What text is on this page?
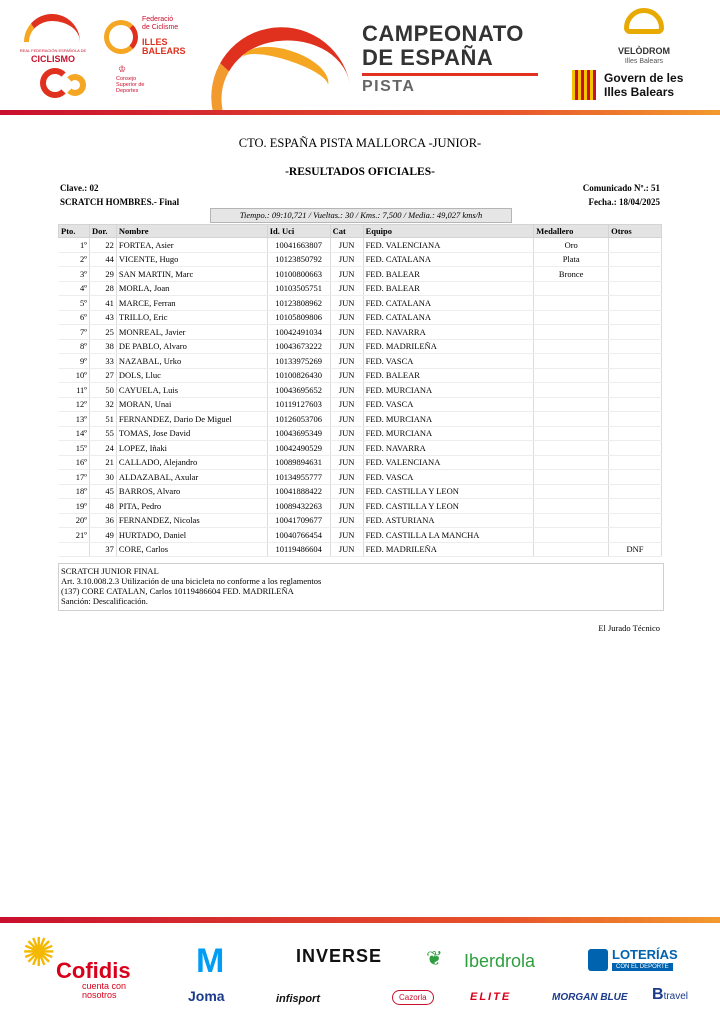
REAL FEDERACIÓN ESPAÑOLA DE
CICLISMO
Federació de Ciclisme
ILLES BALEARS
♔
Consejo Superior de Deportes
CAMPEONATO
DE ESPAÑA
PISTA
VELÒDROM
Illes Balears
Govern de les
Illes Balears
CTO. ESPAÑA PISTA MALLORCA -JUNIOR-
-RESULTADOS OFICIALES-
Clave.: 02
SCRATCH HOMBRES.- Final
Comunicado Nº.: 51
Fecha.: 18/04/2025
Tiempo.: 09:10,721 / Vueltas.: 30 / Kms.: 7,500 / Media.: 49,027 kms/h
Pto.	Dor.	Nombre	Id. Uci	Cat	Equipo	Medallero	Otros
1º	22	FORTEA, Asier	10041663807	JUN	FED. VALENCIANA	Oro	
2º	44	VICENTE, Hugo	10123850792	JUN	FED. CATALANA	Plata	
3º	29	SAN MARTIN, Marc	10100800663	JUN	FED. BALEAR	Bronce	
4º	28	MORLA, Joan	10103505751	JUN	FED. BALEAR		
5º	41	MARCE, Ferran	10123808962	JUN	FED. CATALANA		
6º	43	TRILLO, Eric	10105809806	JUN	FED. CATALANA		
7º	25	MONREAL, Javier	10042491034	JUN	FED. NAVARRA		
8º	38	DE PABLO, Alvaro	10043673222	JUN	FED. MADRILEÑA		
9º	33	NAZABAL, Urko	10133975269	JUN	FED. VASCA		
10º	27	DOLS, Lluc	10100826430	JUN	FED. BALEAR		
11º	50	CAYUELA, Luis	10043695652	JUN	FED. MURCIANA		
12º	32	MORAN, Unai	10119127603	JUN	FED. VASCA		
13º	51	FERNANDEZ, Dario De Miguel	10126053706	JUN	FED. MURCIANA		
14º	55	TOMAS, Jose David	10043695349	JUN	FED. MURCIANA		
15º	24	LOPEZ, Iñaki	10042490529	JUN	FED. NAVARRA		
16º	21	CALLADO, Alejandro	10089894631	JUN	FED. VALENCIANA		
17º	30	ALDAZABAL, Axular	10134955777	JUN	FED. VASCA		
18º	45	BARROS, Alvaro	10041888422	JUN	FED. CASTILLA Y LEON		
19º	48	PITA, Pedro	10089432263	JUN	FED. CASTILLA Y LEON		
20º	36	FERNANDEZ, Nicolas	10041709677	JUN	FED. ASTURIANA		
21º	49	HURTADO, Daniel	10040766454	JUN	FED. CASTILLA LA MANCHA		
	37	CORE, Carlos	10119486604	JUN	FED. MADRILEÑA		DNF
SCRATCH JUNIOR FINAL
Art. 3.10.008.2.3 Utilización de una bicicleta no conforme a los reglamentos
(137) CORE CATALAN, Carlos 10119486604 FED. MADRILEÑA
Sanción: Descalificación.
El Jurado Técnico
✺ Cofidis
cuenta con nosotros
M
Joma
INVERSE
infisport
❦ Iberdrola
Cazorla	ELITE	MORGAN BLUE
LOTERÍAS
CON EL DEPORTE
Btravel
